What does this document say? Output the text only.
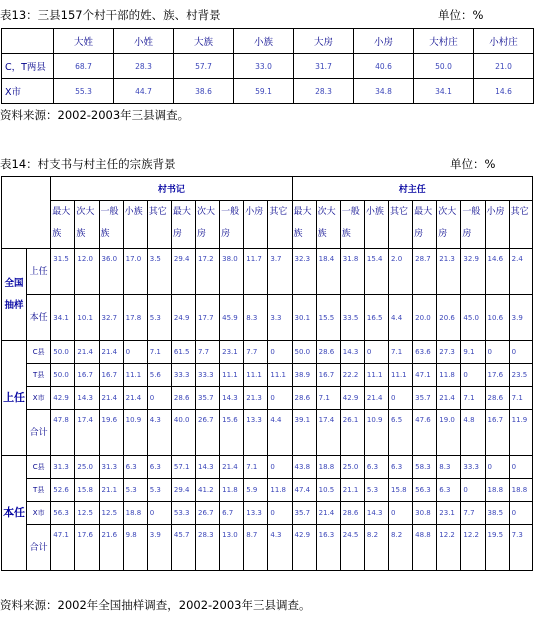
表13：三县157个村干部的姓、族、村背景	单位：%
	大姓	小姓	大族	小族	大房	小房	大村庄	小村庄
C，T两县	68.7	28.3	57.7	33.0	31.7	40.6	50.0	21.0
X市	55.3	44.7	38.6	59.1	28.3	34.8	34.1	14.6
资料来源：2002-2003年三县调查。
表14：村支书与村主任的宗族背景	单位：%
		村书记										村主任									
		最大族	次大族	一般族	小族	其它	最大房	次大房	一般房	小房	其它	最大族	次大族	一般族	小族	其它	最大房	次大房	一般房	小房	其它
全国抽样	上任	31.5	12.0	36.0	17.0	3.5	29.4	17.2	38.0	11.7	3.7	32.3	18.4	31.8	15.4	2.0	28.7	21.3	32.9	14.6	2.4
	本任	34.1	10.1	32.7	17.8	5.3	24.9	17.7	45.9	8.3	3.3	30.1	15.5	33.5	16.5	4.4	20.0	20.6	45.0	10.6	3.9
上任	C县	50.0	21.4	21.4	0	7.1	61.5	7.7	23.1	7.7	0	50.0	28.6	14.3	0	7.1	63.6	27.3	9.1	0	0
	T县	50.0	16.7	16.7	11.1	5.6	33.3	33.3	11.1	11.1	11.1	38.9	16.7	22.2	11.1	11.1	47.1	11.8	0	17.6	23.5
	X市	42.9	14.3	21.4	21.4	0	28.6	35.7	14.3	21.3	0	28.6	7.1	42.9	21.4	0	35.7	21.4	7.1	28.6	7.1
	合计	47.8	17.4	19.6	10.9	4.3	40.0	26.7	15.6	13.3	4.4	39.1	17.4	26.1	10.9	6.5	47.6	19.0	4.8	16.7	11.9
本任	C县	31.3	25.0	31.3	6.3	6.3	57.1	14.3	21.4	7.1	0	43.8	18.8	25.0	6.3	6.3	58.3	8.3	33.3	0	0
	T县	52.6	15.8	21.1	5.3	5.3	29.4	41.2	11.8	5.9	11.8	47.4	10.5	21.1	5.3	15.8	56.3	6.3	0	18.8	18.8
	X市	56.3	12.5	12.5	18.8	0	53.3	26.7	6.7	13.3	0	35.7	21.4	28.6	14.3	0	30.8	23.1	7.7	38.5	0
	合计	47.1	17.6	21.6	9.8	3.9	45.7	28.3	13.0	8.7	4.3	42.9	16.3	24.5	8.2	8.2	48.8	12.2	12.2	19.5	7.3
资料来源：2002年全国抽样调查，2002-2003年三县调查。
